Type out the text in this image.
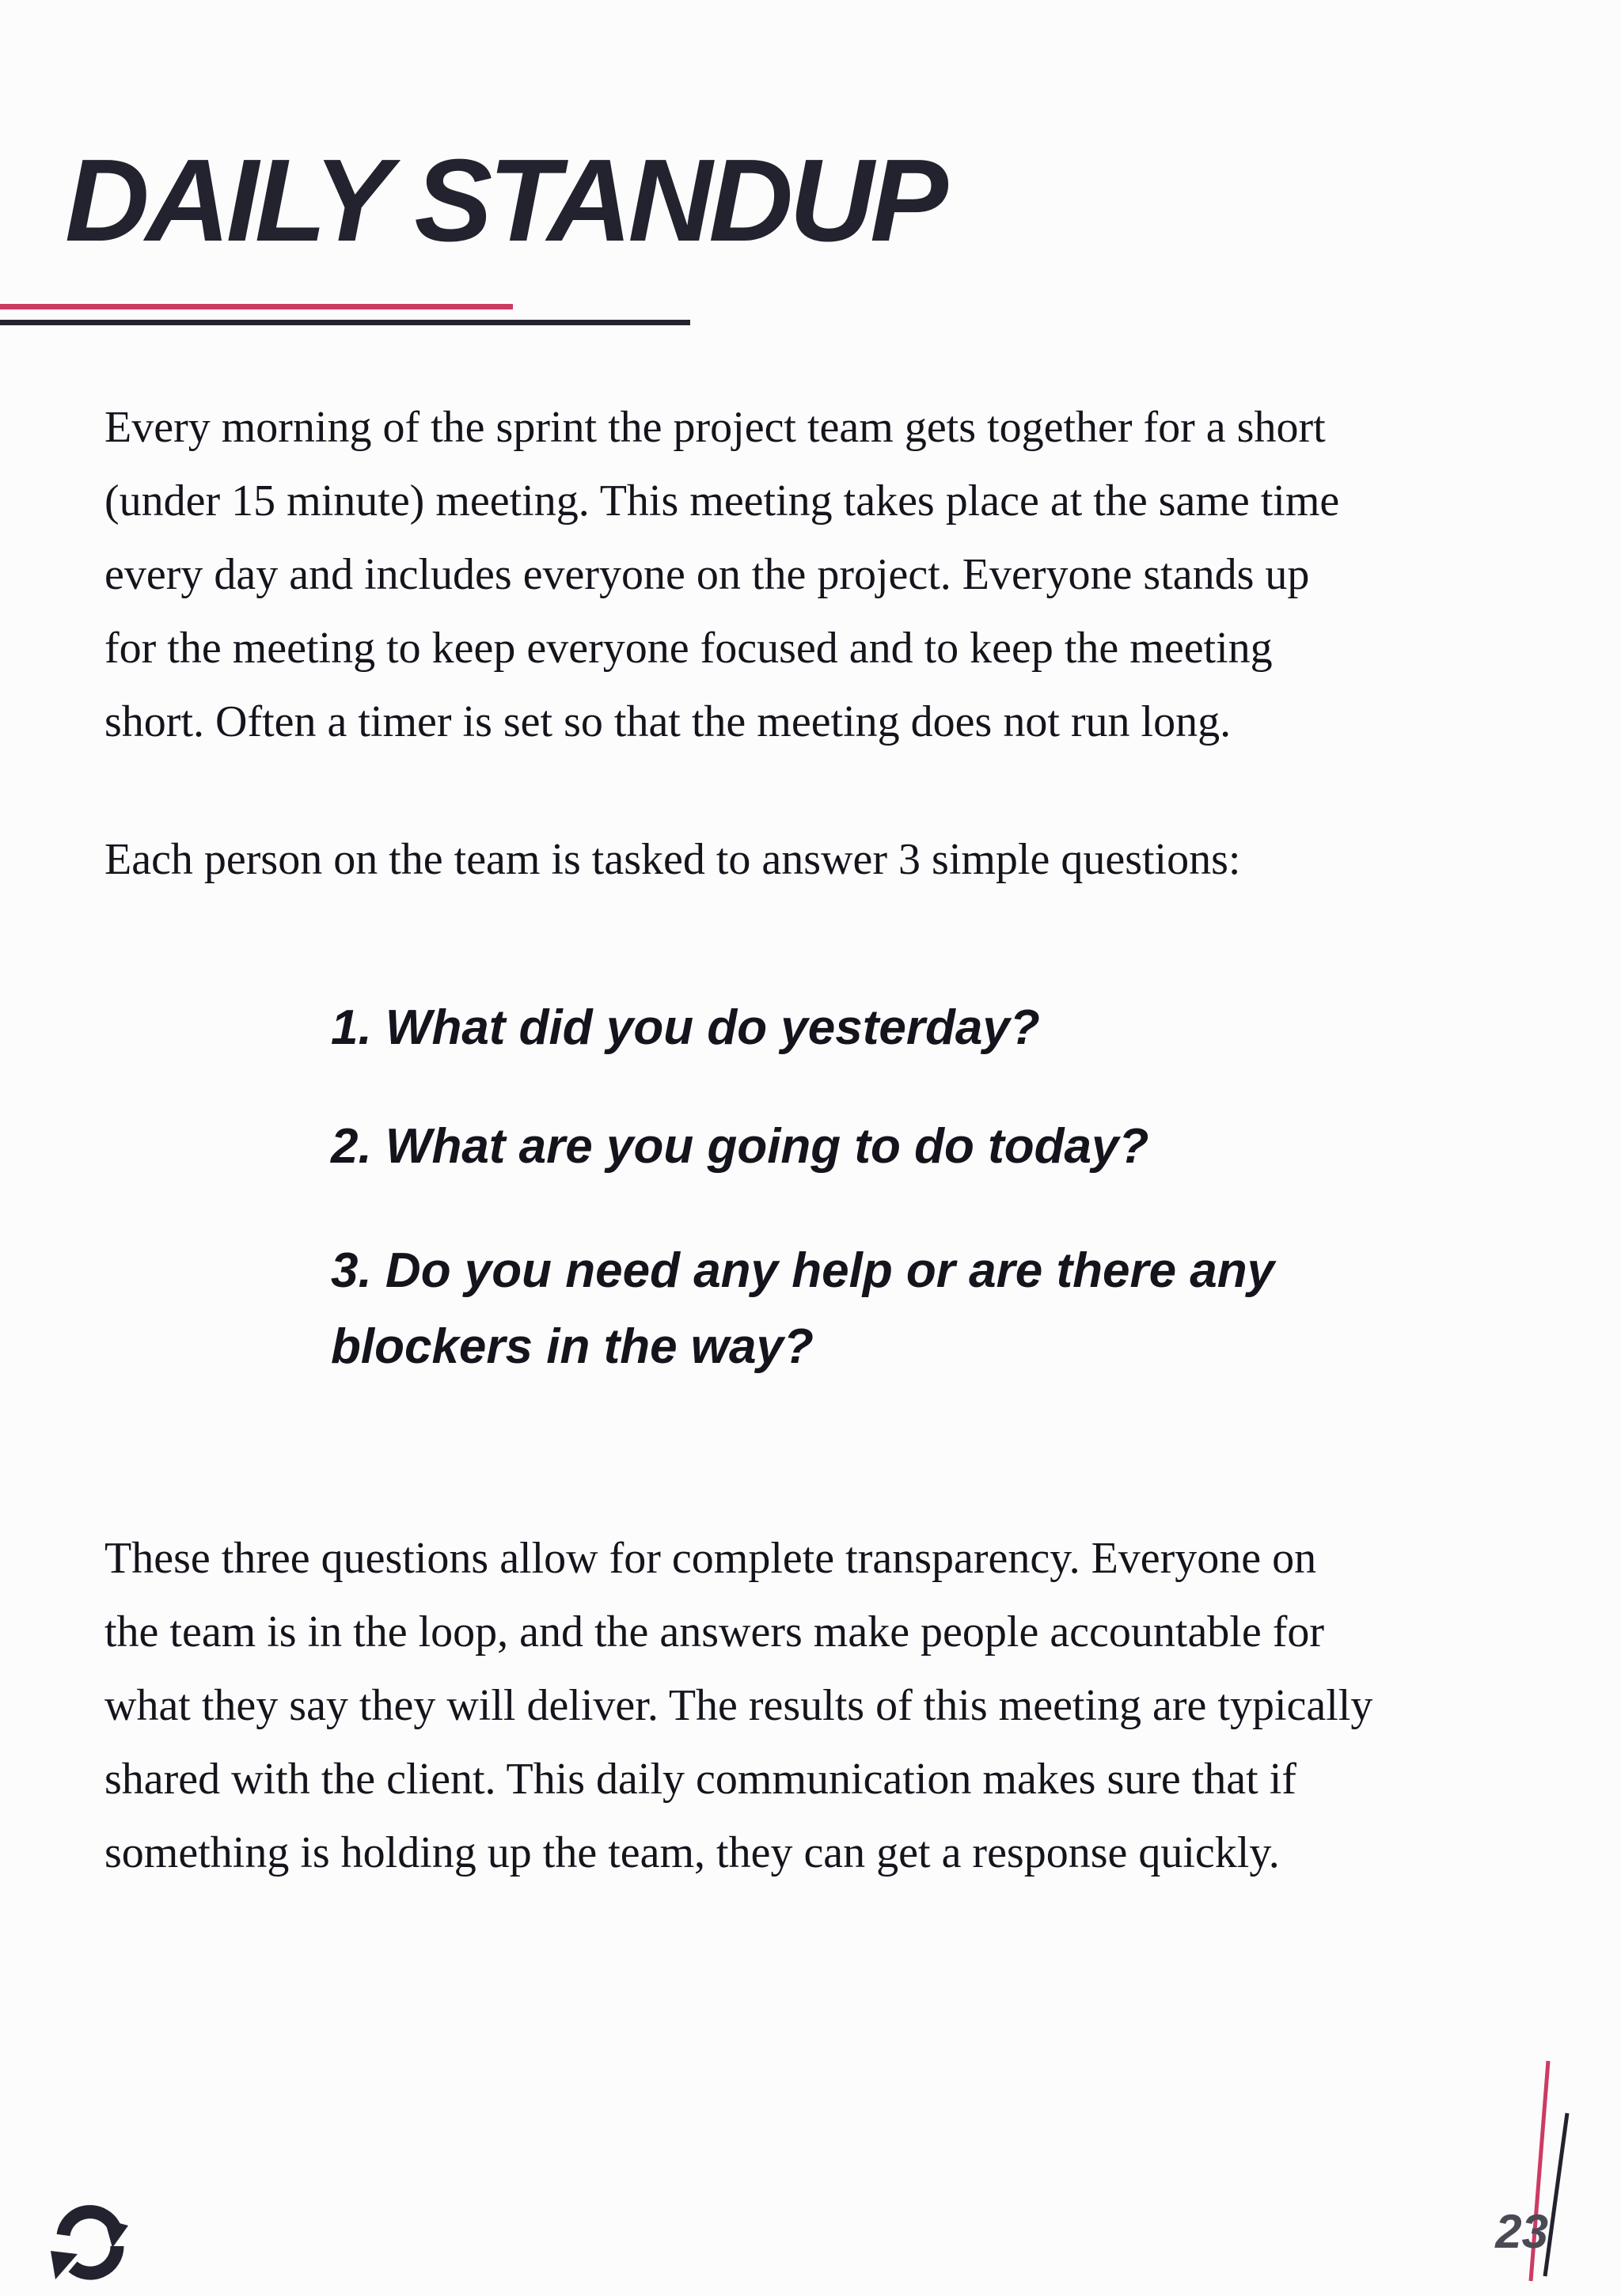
DAILY STANDUP

Every morning of the sprint the project team gets together for a short
(under 15 minute) meeting. This meeting takes place at the same time
every day and includes everyone on the project. Everyone stands up
for the meeting to keep everyone focused and to keep the meeting
short. Often a timer is set so that the meeting does not run long.

Each person on the team is tasked to answer 3 simple questions:

1. What did you do yesterday?
2. What are you going to do today?
3. Do you need any help or are there any
blockers in the way?

These three questions allow for complete transparency. Everyone on
the team is in the loop, and the answers make people accountable for
what they say they will deliver. The results of this meeting are typically
shared with the client. This daily communication makes sure that if
something is holding up the team, they can get a response quickly.

23
